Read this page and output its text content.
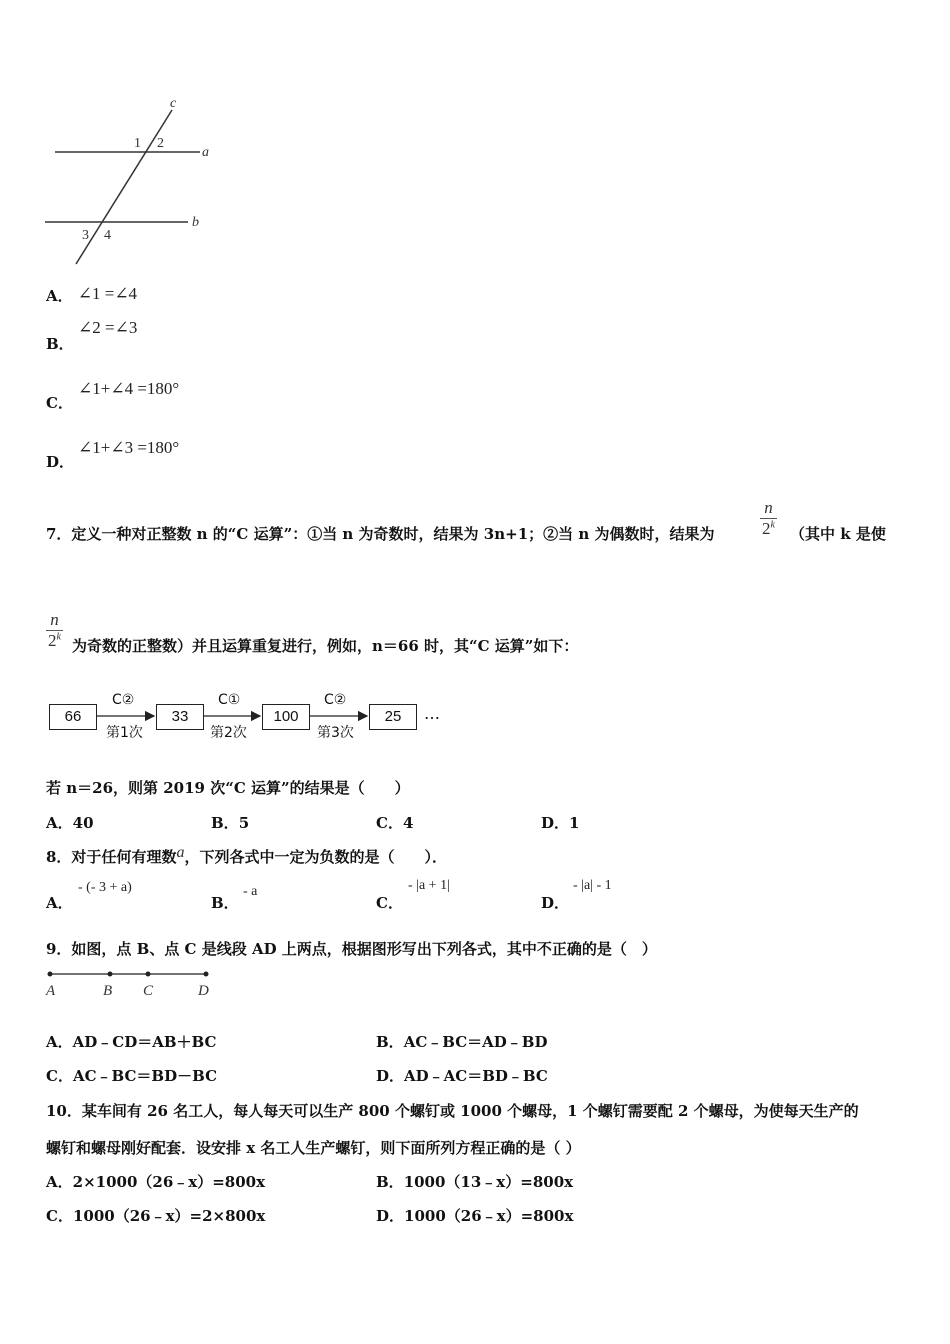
c
a
b
1 2
3 4
A． ∠1 =∠4
B．
∠2 =∠3
C．
∠1+∠4 =180°
D．
∠1+∠3 =180°
7．定义一种对正整数 n 的“C 运算”：①当 n 为奇数时，结果为 3n+1；②当 n 为偶数时，结果为	$\frac{n}{2^k}$ （其中 k 是使
$\frac{n}{2^k}$ 为奇数的正整数）并且运算重复进行，例如，n＝66 时，其“C 运算”如下：
66	33	100	25
C②	C①	C②
第1次	第2次	第3次
…
若 n＝26，则第 2019 次“C 运算”的结果是（　　）
A．40	B．5	C．4	D．1
8．对于任何有理数a，下列各式中一定为负数的是（　　）．
A．
- (- 3 + a)
B．
- a
C．
- |a + 1|
D．
- |a| - 1
9．如图，点 B、点 C 是线段 AD 上两点，根据图形写出下列各式，其中不正确的是（　）
A	B C	D
A．AD﹣CD＝AB＋BC	B．AC﹣BC＝AD﹣BD
C．AC﹣BC＝BD－BC	D．AD﹣AC＝BD﹣BC
10．某车间有 26 名工人，每人每天可以生产 800 个螺钉或 1000 个螺母，1 个螺钉需要配 2 个螺母，为使每天生产的
螺钉和螺母刚好配套．设安排 x 名工人生产螺钉，则下面所列方程正确的是（ ）
A．2×1000（26﹣x）=800x	B．1000（13﹣x）=800x
C．1000（26﹣x）=2×800x	D．1000（26﹣x）=800x
